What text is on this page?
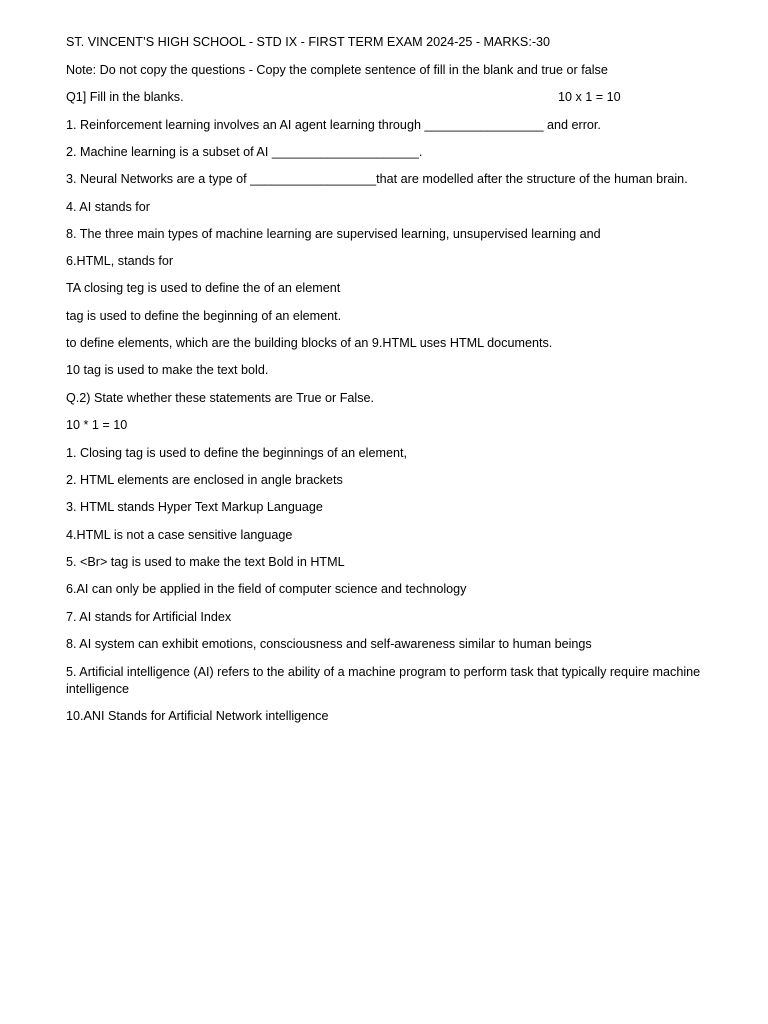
ST. VINCENT’S HIGH SCHOOL - STD IX - FIRST TERM EXAM 2024-25 - MARKS:-30
Note: Do not copy the questions - Copy the complete sentence of fill in the blank and true or false
Q1] Fill in the blanks.	10 x 1 = 10
1. Reinforcement learning involves an AI agent learning through _________________ and error.
2. Machine learning is a subset of AI _____________________.
3. Neural Networks are a type of __________________that are modelled after the structure of the human brain.
4. AI stands for
8. The three main types of machine learning are supervised learning, unsupervised learning and
6.HTML, stands for
TA closing teg is used to define the of an element
tag is used to define the beginning of an element.
to define elements, which are the building blocks of an 9.HTML uses HTML documents.
10 tag is used to make the text bold.
Q.2) State whether these statements are True or False.
10 * 1 = 10
1. Closing tag is used to define the beginnings of an element,
2. HTML elements are enclosed in angle brackets
3. HTML stands Hyper Text Markup Language
4.HTML is not a case sensitive language
5. <Br> tag is used to make the text Bold in HTML
6.AI can only be applied in the field of computer science and technology
7. AI stands for Artificial Index
8. AI system can exhibit emotions, consciousness and self-awareness similar to human beings
5. Artificial intelligence (AI) refers to the ability of a machine program to perform task that typically require machine intelligence
10.ANI Stands for Artificial Network intelligence
